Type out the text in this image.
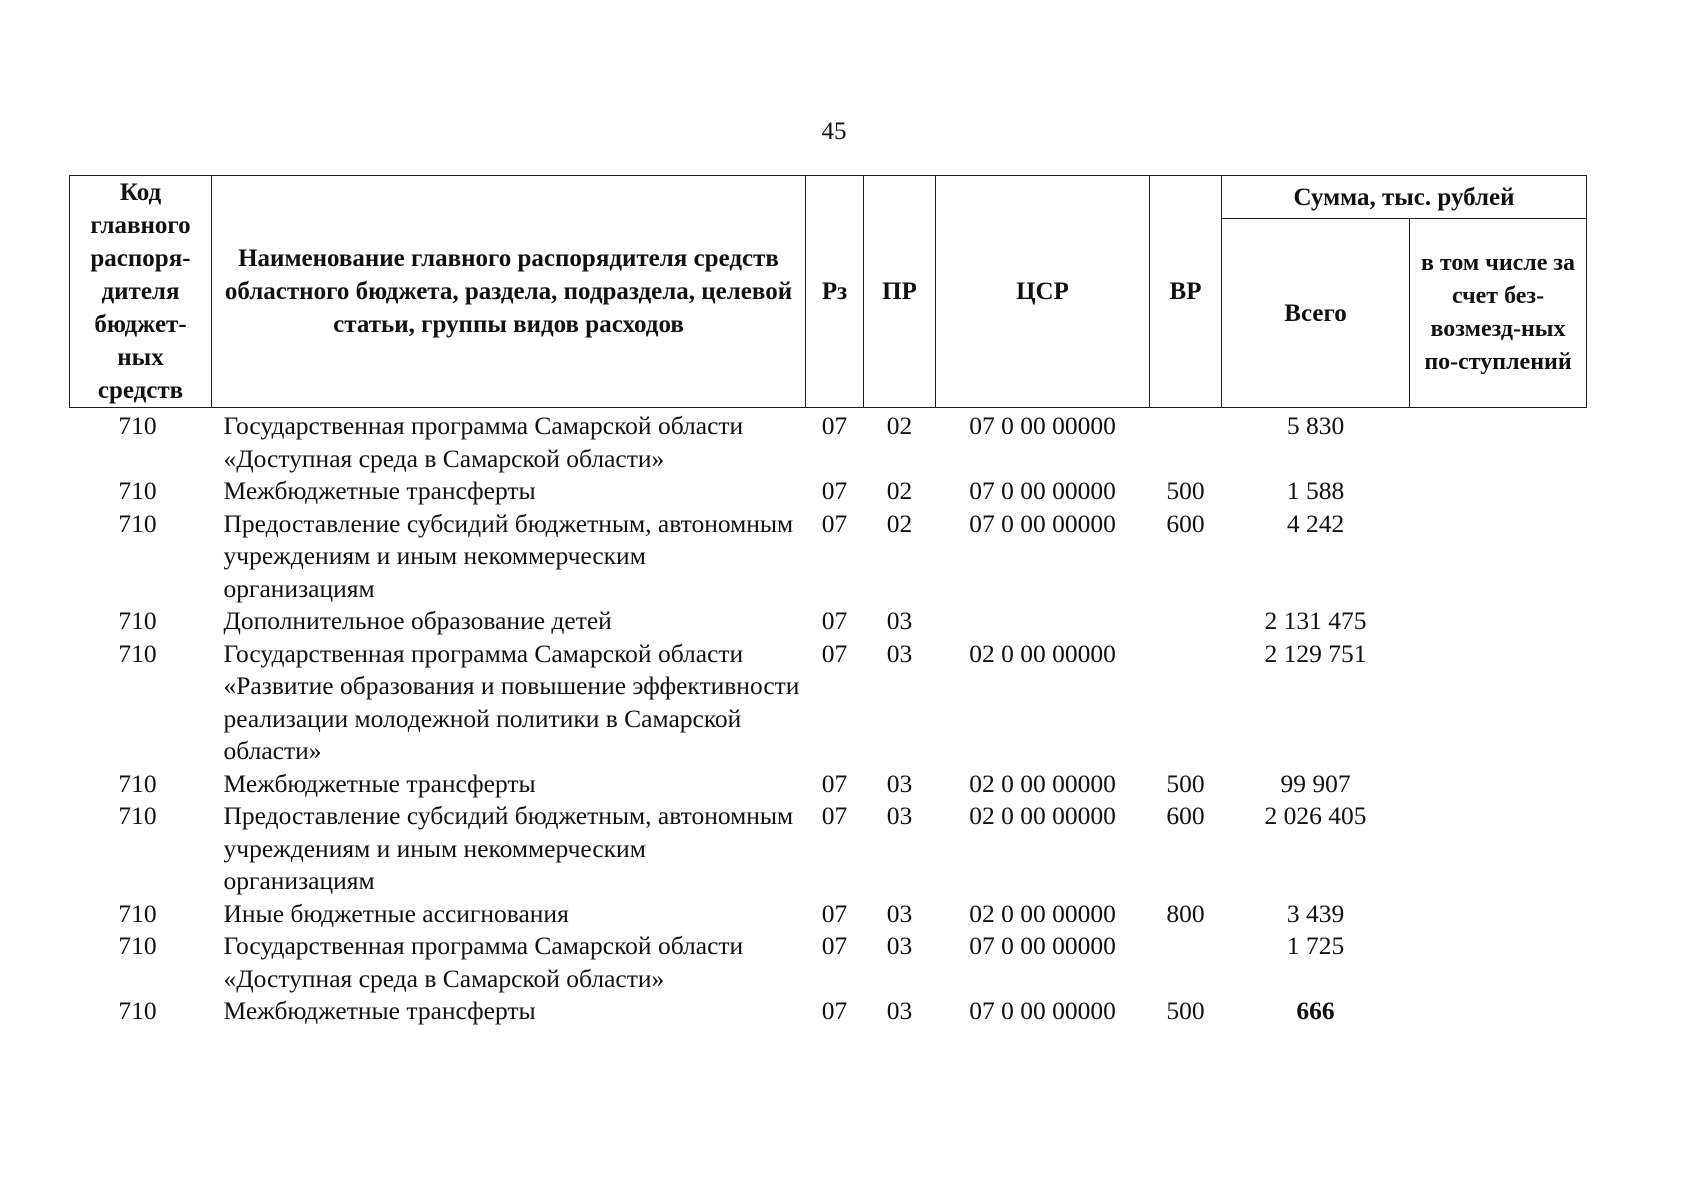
45
Код главного распоря-дителя бюджет-ных средств	Наименование главного распорядителя средств областного бюджета, раздела, подраздела, целевой статьи, группы видов расходов	Рз	ПР	ЦСР	ВР	Сумма, тыс. рублей	
						Всего	в том числе за счет без-возмезд-ных по-ступлений
710	Государственная программа Самарской области «Доступная среда в Самарской области»	07	02	07 0 00 00000		5 830	
710	Межбюджетные трансферты	07	02	07 0 00 00000	500	1 588	
710	Предоставление субсидий бюджетным, автономным учреждениям и иным некоммерческим организациям	07	02	07 0 00 00000	600	4 242	
710	Дополнительное образование детей	07	03			2 131 475	
710	Государственная программа Самарской области «Развитие образования и повышение эффективности реализации молодежной политики в Самарской области»	07	03	02 0 00 00000		2 129 751	
710	Межбюджетные трансферты	07	03	02 0 00 00000	500	99 907	
710	Предоставление субсидий бюджетным, автономным учреждениям и иным некоммерческим организациям	07	03	02 0 00 00000	600	2 026 405	
710	Иные бюджетные ассигнования	07	03	02 0 00 00000	800	3 439	
710	Государственная программа Самарской области «Доступная среда в Самарской области»	07	03	07 0 00 00000		1 725	
710	Межбюджетные трансферты	07	03	07 0 00 00000	500	666	
